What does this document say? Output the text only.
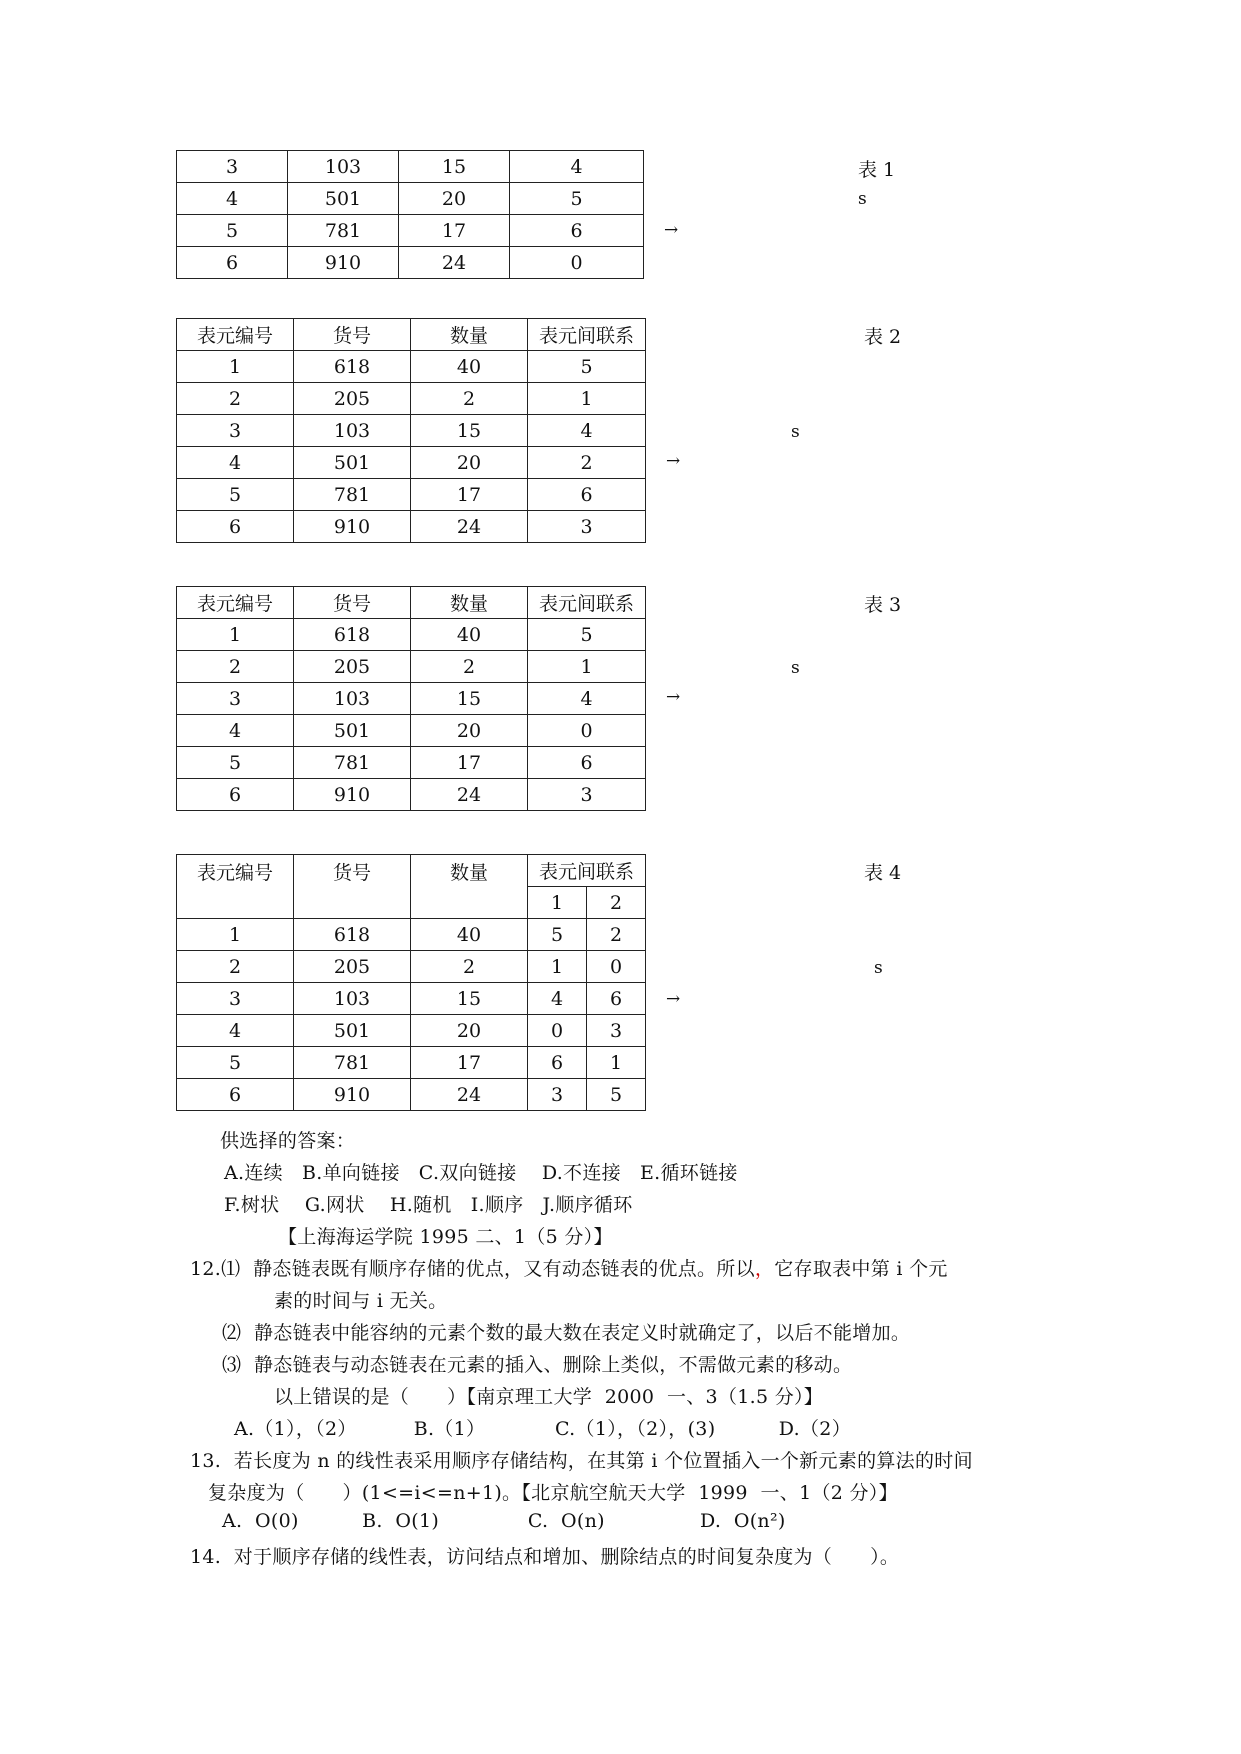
3	103	15	4
4	501	20	5
5	781	17	6
6	910	24	0
表 1
s
→
表元编号	货号	数量	表元间联系
1	618	40	5
2	205	2	1
3	103	15	4
4	501	20	2
5	781	17	6
6	910	24	3
表 2
s
→
表元编号	货号	数量	表元间联系
1	618	40	5
2	205	2	1
3	103	15	4
4	501	20	0
5	781	17	6
6	910	24	3
表 3
s
→
表元编号	货号	数量	表元间联系	
			1	2
1	618	40	5	2
2	205	2	1	0
3	103	15	4	6
4	501	20	0	3
5	781	17	6	1
6	910	24	3	5
表 4
s
→
供选择的答案：
A.连续   B.单向链接   C.双向链接    D.不连接   E.循环链接
F.树状    G.网状    H.随机   I.顺序   J.顺序循环
【上海海运学院 1995 二、1（5 分）】
12.⑴  静态链表既有顺序存储的优点，又有动态链表的优点。所以，它存取表中第 i 个元
素的时间与 i 无关。
⑵  静态链表中能容纳的元素个数的最大数在表定义时就确定了，以后不能增加。
⑶  静态链表与动态链表在元素的插入、删除上类似，不需做元素的移动。
以上错误的是（      ）【南京理工大学  2000  一、3（1.5 分）】
A.（1），（2）         B.（1）           C.（1），（2），(3)          D.（2）
13.  若长度为 n 的线性表采用顺序存储结构，在其第 i 个位置插入一个新元素的算法的时间
复杂度为（      ）(1<=i<=n+1)。【北京航空航天大学  1999  一、1（2 分）】
A.  O(0)          B.  O(1)              C.  O(n)               D.  O(n²)
14.  对于顺序存储的线性表，访问结点和增加、删除结点的时间复杂度为（      ）。
